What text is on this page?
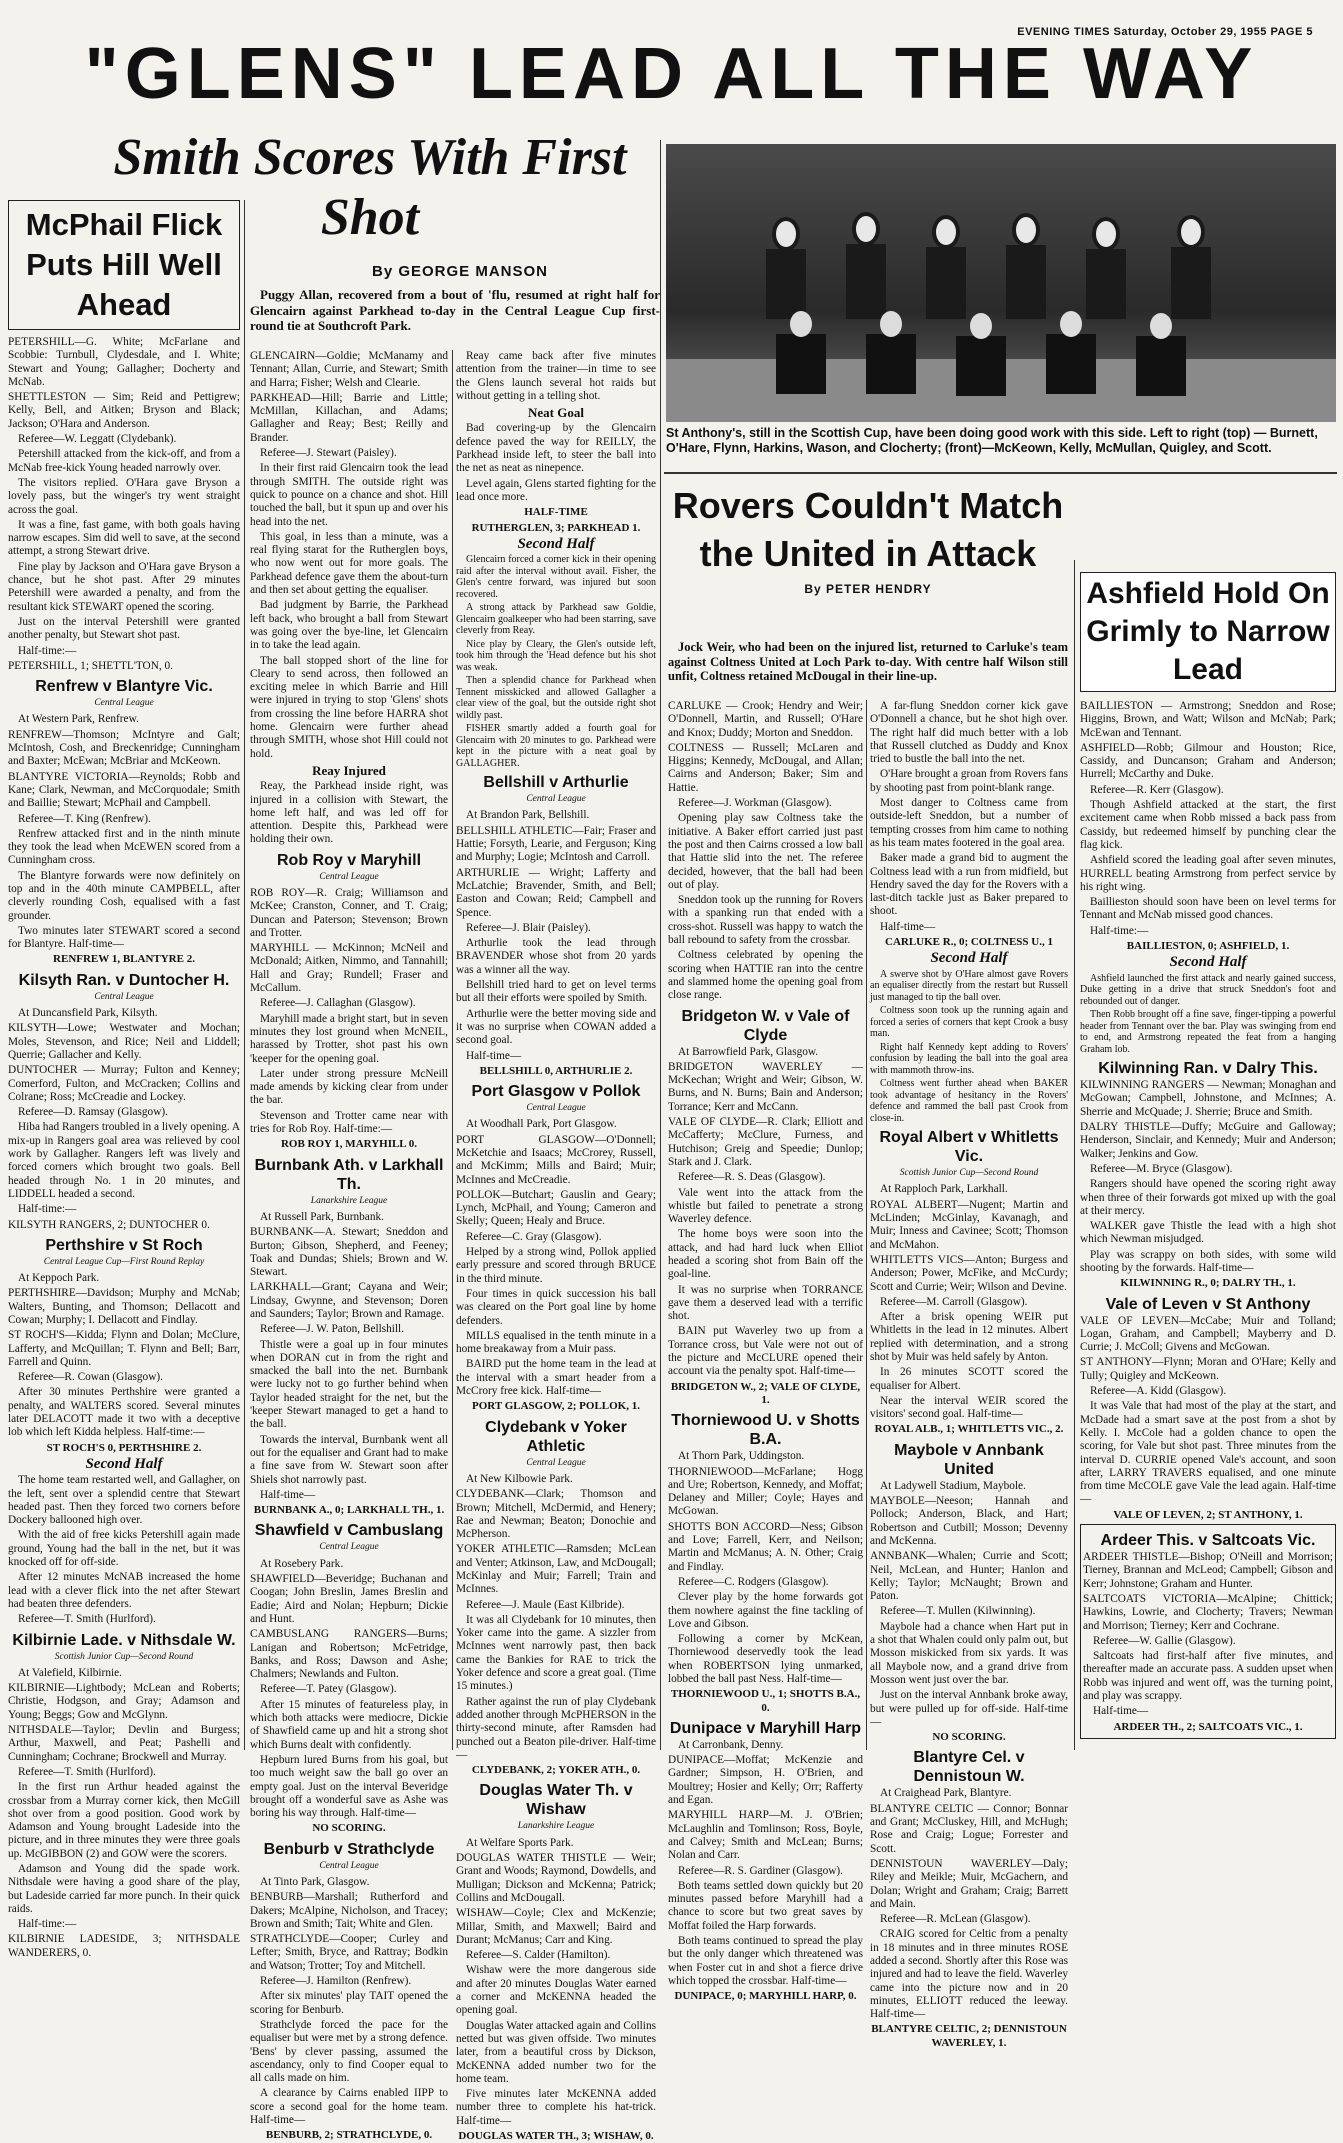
EVENING TIMES Saturday, October 29, 1955 PAGE 5
"GLENS" LEAD ALL THE WAY
McPhail Flick Puts Hill Well Ahead

PETERSHILL—G. White; McFarlane and Scobbie: Turnbull, Clydesdale, and I. White; Stewart and Young; Gallagher; Docherty and McNab.

SHETTLESTON — Sim; Reid and Pettigrew; Kelly, Bell, and Aitken; Bryson and Black; Jackson; O'Hara and Anderson.

Referee—W. Leggatt (Clydebank).

Petershill attacked from the kick-off, and from a McNab free-kick Young headed narrowly over.

The visitors replied. O'Hara gave Bryson a lovely pass, but the winger's try went straight across the goal.

It was a fine, fast game, with both goals having narrow escapes. Sim did well to save, at the second attempt, a strong Stewart drive.

Fine play by Jackson and O'Hara gave Bryson a chance, but he shot past. After 29 minutes Petershill were awarded a penalty, and from the resultant kick STEWART opened the scoring.

Just on the interval Petershill were granted another penalty, but Stewart shot past.

Half-time:—

PETERSHILL, 1; SHETTL'TON, 0.

Renfrew v Blantyre Vic.
Central League

At Western Park, Renfrew.

RENFREW—Thomson; McIntyre and Galt; McIntosh, Cosh, and Breckenridge; Cunningham and Baxter; McEwan; McBriar and McKeown.

BLANTYRE VICTORIA—Reynolds; Robb and Kane; Clark, Newman, and McCorquodale; Smith and Baillie; Stewart; McPhail and Campbell.

Referee—T. King (Renfrew).

Renfrew attacked first and in the ninth minute they took the lead when McEWEN scored from a Cunningham cross.

The Blantyre forwards were now definitely on top and in the 40th minute CAMPBELL, after cleverly rounding Cosh, equalised with a fast grounder.

Two minutes later STEWART scored a second for Blantyre. Half-time—

RENFREW 1, BLANTYRE 2.
Kilsyth Ran. v Duntocher H.
Central League

At Duncansfield Park, Kilsyth.

KILSYTH—Lowe; Westwater and Mochan; Moles, Stevenson, and Rice; Neil and Liddell; Querrie; Gallacher and Kelly.

DUNTOCHER — Murray; Fulton and Kenney; Comerford, Fulton, and McCracken; Collins and Colrane; Ross; McCreadie and Lockey.

Referee—D. Ramsay (Glasgow).

Hiba had Rangers troubled in a lively opening. A mix-up in Rangers goal area was relieved by cool work by Gallagher. Rangers left was lively and forced corners which brought two goals. Bell headed through No. 1 in 20 minutes, and LIDDELL headed a second.

Half-time:—

KILSYTH RANGERS, 2; DUNTOCHER 0.

Perthshire v St Roch
Central League Cup—First Round Replay

At Keppoch Park.

PERTHSHIRE—Davidson; Murphy and McNab; Walters, Bunting, and Thomson; Dellacott and Cowan; Murphy; I. Dellacott and Findlay.

ST ROCH'S—Kidda; Flynn and Dolan; McClure, Lafferty, and McQuillan; T. Flynn and Bell; Barr, Farrell and Quinn.

Referee—R. Cowan (Glasgow).

After 30 minutes Perthshire were granted a penalty, and WALTERS scored. Several minutes later DELACOTT made it two with a deceptive lob which left Kidda helpless. Half-time:—

ST ROCH'S 0, PERTHSHIRE 2.
Second Half

The home team restarted well, and Gallagher, on the left, sent over a splendid centre that Stewart headed past. Then they forced two corners before Dockery ballooned high over.

With the aid of free kicks Petershill again made ground, Young had the ball in the net, but it was knocked off for off-side.

After 12 minutes McNAB increased the home lead with a clever flick into the net after Stewart had beaten three defenders.

Referee—T. Smith (Hurlford).

Kilbirnie Lade. v Nithsdale W.
Scottish Junior Cup—Second Round

At Valefield, Kilbirnie.

KILBIRNIE—Lightbody; McLean and Roberts; Christie, Hodgson, and Gray; Adamson and Young; Beggs; Gow and McGlynn.

NITHSDALE—Taylor; Devlin and Burgess; Arthur, Maxwell, and Peat; Pashelli and Cunningham; Cochrane; Brockwell and Murray.

Referee—T. Smith (Hurlford).

In the first run Arthur headed against the crossbar from a Murray corner kick, then McGill shot over from a good position. Good work by Adamson and Young brought Ladeside into the picture, and in three minutes they were three goals up. McGIBBON (2) and GOW were the scorers.

Adamson and Young did the spade work. Nithsdale were having a good share of the play, but Ladeside carried far more punch. In their quick raids.

Half-time:—

KILBIRNIE LADESIDE, 3; NITHSDALE WANDERERS, 0.

Smith Scores With First Shot
By GEORGE MANSON

Puggy Allan, recovered from a bout of 'flu, resumed at right half for Glencairn against Parkhead to-day in the Central League Cup first-round tie at Southcroft Park.

GLENCAIRN—Goldie; McManamy and Tennant; Allan, Currie, and Stewart; Smith and Harra; Fisher; Welsh and Clearie.

PARKHEAD—Hill; Barrie and Little; McMillan, Killachan, and Adams; Gallagher and Reay; Best; Reilly and Brander.

Referee—J. Stewart (Paisley).

In their first raid Glencairn took the lead through SMITH. The outside right was quick to pounce on a chance and shot. Hill touched the ball, but it spun up and over his head into the net.

This goal, in less than a minute, was a real flying starat for the Rutherglen boys, who now went out for more goals. The Parkhead defence gave them the about-turn and then set about getting the equaliser.

Bad judgment by Barrie, the Parkhead left back, who brought a ball from Stewart was going over the bye-line, let Glencairn in to take the lead again.

The ball stopped short of the line for Cleary to send across, then followed an exciting melee in which Barrie and Hill were injured in trying to stop 'Glens' shots from crossing the line before HARRA shot home. Glencairn were further ahead through SMITH, whose shot Hill could not hold.

Reay Injured

Reay, the Parkhead inside right, was injured in a collision with Stewart, the home left half, and was led off for attention. Despite this, Parkhead were holding their own.

Rob Roy v Maryhill
Central League

ROB ROY—R. Craig; Williamson and McKee; Cranston, Conner, and T. Craig; Duncan and Paterson; Stevenson; Brown and Trotter.

MARYHILL — McKinnon; McNeil and McDonald; Aitken, Nimmo, and Tannahill; Hall and Gray; Rundell; Fraser and McCallum.

Referee—J. Callaghan (Glasgow).

Maryhill made a bright start, but in seven minutes they lost ground when McNEIL, harassed by Trotter, shot past his own 'keeper for the opening goal.

Later under strong pressure McNeill made amends by kicking clear from under the bar.

Stevenson and Trotter came near with tries for Rob Roy. Half-time:—

ROB ROY 1, MARYHILL 0.
Burnbank Ath. v Larkhall Th.
Lanarkshire League

At Russell Park, Burnbank.

BURNBANK—A. Stewart; Sneddon and Burton; Gibson, Shepherd, and Feeney; Toak and Dundas; Shiels; Brown and W. Stewart.

LARKHALL—Grant; Cayana and Weir; Lindsay, Gwynne, and Stevenson; Doren and Saunders; Taylor; Brown and Ramage.

Referee—J. W. Paton, Bellshill.

Thistle were a goal up in four minutes when DORAN cut in from the right and smacked the ball into the net. Burnbank were lucky not to go further behind when Taylor headed straight for the net, but the 'keeper Stewart managed to get a hand to the ball.

Towards the interval, Burnbank went all out for the equaliser and Grant had to make a fine save from W. Stewart soon after Shiels shot narrowly past.

Half-time—

BURNBANK A., 0; LARKHALL TH., 1.
Shawfield v Cambuslang
Central League

At Rosebery Park.

SHAWFIELD—Beveridge; Buchanan and Coogan; John Breslin, James Breslin and Eadie; Aird and Nolan; Hepburn; Dickie and Hunt.

CAMBUSLANG RANGERS—Burns; Lanigan and Robertson; McFetridge, Banks, and Ross; Dawson and Ashe; Chalmers; Newlands and Fulton.

Referee—T. Patey (Glasgow).

After 15 minutes of featureless play, in which both attacks were mediocre, Dickie of Shawfield came up and hit a strong shot which Burns dealt with confidently.

Hepburn lured Burns from his goal, but too much weight saw the ball go over an empty goal. Just on the interval Beveridge brought off a wonderful save as Ashe was boring his way through. Half-time—

NO SCORING.
Benburb v Strathclyde
Central League

At Tinto Park, Glasgow.

BENBURB—Marshall; Rutherford and Dakers; McAlpine, Nicholson, and Tracey; Brown and Smith; Tait; White and Glen.

STRATHCLYDE—Cooper; Curley and Lefter; Smith, Bryce, and Rattray; Bodkin and Watson; Trotter; Toy and Mitchell.

Referee—J. Hamilton (Renfrew).

After six minutes' play TAIT opened the scoring for Benburb.

Strathclyde forced the pace for the equaliser but were met by a strong defence. 'Bens' by clever passing, assumed the ascendancy, only to find Cooper equal to all calls made on him.

A clearance by Cairns enabled IIPP to score a second goal for the home team. Half-time—

BENBURB, 2; STRATHCLYDE, 0.

Reay came back after five minutes attention from the trainer—in time to see the Glens launch several hot raids but without getting in a telling shot.

Neat Goal

Bad covering-up by the Glencairn defence paved the way for REILLY, the Parkhead inside left, to steer the ball into the net as neat as ninepence.

Level again, Glens started fighting for the lead once more.

HALF-TIME
RUTHERGLEN, 3; PARKHEAD 1.
Second Half

Glencairn forced a corner kick in their opening raid after the interval without avail. Fisher, the Glen's centre forward, was injured but soon recovered.

A strong attack by Parkhead saw Goldie, Glencairn goalkeeper who had been starring, save cleverly from Reay.

Nice play by Cleary, the Glen's outside left, took him through the 'Head defence but his shot was weak.

Then a splendid chance for Parkhead when Tennent misskicked and allowed Gallagher a clear view of the goal, but the outside right shot wildly past.

FISHER smartly added a fourth goal for Glencairn with 20 minutes to go. Parkhead were kept in the picture with a neat goal by GALLAGHER.

Bellshill v Arthurlie
Central League

At Brandon Park, Bellshill.

BELLSHILL ATHLETIC—Fair; Fraser and Hattie; Forsyth, Learie, and Ferguson; King and Murphy; Logie; McIntosh and Carroll.

ARTHURLIE — Wright; Lafferty and McLatchie; Bravender, Smith, and Bell; Easton and Cowan; Reid; Campbell and Spence.

Referee—J. Blair (Paisley).

Arthurlie took the lead through BRAVENDER whose shot from 20 yards was a winner all the way.

Bellshill tried hard to get on level terms but all their efforts were spoiled by Smith.

Arthurlie were the better moving side and it was no surprise when COWAN added a second goal.

Half-time—

BELLSHILL 0, ARTHURLIE 2.
Port Glasgow v Pollok
Central League

At Woodhall Park, Port Glasgow.

PORT GLASGOW—O'Donnell; McKetchie and Isaacs; McCrorey, Russell, and McKimm; Mills and Baird; Muir; McInnes and McCreadie.

POLLOK—Butchart; Gauslin and Geary; Lynch, McPhail, and Young; Cameron and Skelly; Queen; Healy and Bruce.

Referee—C. Gray (Glasgow).

Helped by a strong wind, Pollok applied early pressure and scored through BRUCE in the third minute.

Four times in quick succession his ball was cleared on the Port goal line by home defenders.

MILLS equalised in the tenth minute in a home breakaway from a Muir pass.

BAIRD put the home team in the lead at the interval with a smart header from a McCrory free kick. Half-time—

PORT GLASGOW, 2; POLLOK, 1.
Clydebank v Yoker Athletic
Central League

At New Kilbowie Park.

CLYDEBANK—Clark; Thomson and Brown; Mitchell, McDermid, and Henery; Rae and Newman; Beaton; Donochie and McPherson.

YOKER ATHLETIC—Ramsden; McLean and Venter; Atkinson, Law, and McDougall; McKinlay and Muir; Farrell; Train and McInnes.

Referee—J. Maule (East Kilbride).

It was all Clydebank for 10 minutes, then Yoker came into the game. A sizzler from McInnes went narrowly past, then back came the Bankies for RAE to trick the Yoker defence and score a great goal. (Time 15 minutes.)

Rather against the run of play Clydebank added another through McPHERSON in the thirty-second minute, after Ramsden had punched out a Beaton pile-driver. Half-time—

CLYDEBANK, 2; YOKER ATH., 0.
Douglas Water Th. v Wishaw
Lanarkshire League

At Welfare Sports Park.

DOUGLAS WATER THISTLE — Weir; Grant and Woods; Raymond, Dowdells, and Mulligan; Dickson and McKenna; Patrick; Collins and McDougall.

WISHAW—Coyle; Clex and McKenzie; Millar, Smith, and Maxwell; Baird and Durant; McManus; Carr and King.

Referee—S. Calder (Hamilton).

Wishaw were the more dangerous side and after 20 minutes Douglas Water earned a corner and McKENNA headed the opening goal.

Douglas Water attacked again and Collins netted but was given offside. Two minutes later, from a beautiful cross by Dickson, McKENNA added number two for the home team.

Five minutes later McKENNA added number three to complete his hat-trick. Half-time—

DOUGLAS WATER TH., 3; WISHAW, 0.
St Anthony's, still in the Scottish Cup, have been doing good work with this side. Left to right (top) — Burnett, O'Hare, Flynn, Harkins, Wason, and Clocherty; (front)—McKeown, Kelly, McMullan, Quigley, and Scott.
Rovers Couldn't Match the United in Attack
By PETER HENDRY

Jock Weir, who had been on the injured list, returned to Carluke's team against Coltness United at Loch Park to-day. With centre half Wilson still unfit, Coltness retained McDougal in their line-up.

CARLUKE — Crook; Hendry and Weir; O'Donnell, Martin, and Russell; O'Hare and Knox; Duddy; Morton and Sneddon.

COLTNESS — Russell; McLaren and Higgins; Kennedy, McDougal, and Allan; Cairns and Anderson; Baker; Sim and Hattie.

Referee—J. Workman (Glasgow).

Opening play saw Coltness take the initiative. A Baker effort carried just past the post and then Cairns crossed a low ball that Hattie slid into the net. The referee decided, however, that the ball had been out of play.

Sneddon took up the running for Rovers with a spanking run that ended with a cross-shot. Russell was happy to watch the ball rebound to safety from the crossbar.

Coltness celebrated by opening the scoring when HATTIE ran into the centre and slammed home the opening goal from close range.

Bridgeton W. v Vale of Clyde

At Barrowfield Park, Glasgow.

BRIDGETON WAVERLEY — McKechan; Wright and Weir; Gibson, W. Burns, and N. Burns; Bain and Anderson; Torrance; Kerr and McCann.

VALE OF CLYDE—R. Clark; Elliott and McCafferty; McClure, Furness, and Hutchison; Greig and Speedie; Dunlop; Stark and J. Clark.

Referee—R. S. Deas (Glasgow).

Vale went into the attack from the whistle but failed to penetrate a strong Waverley defence.

The home boys were soon into the attack, and had hard luck when Elliot headed a scoring shot from Bain off the goal-line.

It was no surprise when TORRANCE gave them a deserved lead with a terrific shot.

BAIN put Waverley two up from a Torrance cross, but Vale were not out of the picture and McCLURE opened their account via the penalty spot. Half-time—

BRIDGETON W., 2; VALE OF CLYDE, 1.
Thorniewood U. v Shotts B.A.

At Thorn Park, Uddingston.

THORNIEWOOD—McFarlane; Hogg and Ure; Robertson, Kennedy, and Moffat; Delaney and Miller; Coyle; Hayes and McGowan.

SHOTTS BON ACCORD—Ness; Gibson and Love; Farrell, Kerr, and Neilson; Martin and McManus; A. N. Other; Craig and Findlay.

Referee—C. Rodgers (Glasgow).

Clever play by the home forwards got them nowhere against the fine tackling of Love and Gibson.

Following a corner by McKean, Thorniewood deservedly took the lead when ROBERTSON lying unmarked, lobbed the ball past Ness. Half-time—

THORNIEWOOD U., 1; SHOTTS B.A., 0.
Dunipace v Maryhill Harp

At Carronbank, Denny.

DUNIPACE—Moffat; McKenzie and Gardner; Simpson, H. O'Brien, and Moultrey; Hosier and Kelly; Orr; Rafferty and Egan.

MARYHILL HARP—M. J. O'Brien; McLaughlin and Tomlinson; Ross, Boyle, and Calvey; Smith and McLean; Burns; Nolan and Carr.

Referee—R. S. Gardiner (Glasgow).

Both teams settled down quickly but 20 minutes passed before Maryhill had a chance to score but two great saves by Moffat foiled the Harp forwards.

Both teams continued to spread the play but the only danger which threatened was when Foster cut in and shot a fierce drive which topped the crossbar. Half-time—

DUNIPACE, 0; MARYHILL HARP, 0.

A far-flung Sneddon corner kick gave O'Donnell a chance, but he shot high over. The right half did much better with a lob that Russell clutched as Duddy and Knox tried to bustle the ball into the net.

O'Hare brought a groan from Rovers fans by shooting past from point-blank range.

Most danger to Coltness came from outside-left Sneddon, but a number of tempting crosses from him came to nothing as his team mates footered in the goal area.

Baker made a grand bid to augment the Coltness lead with a run from midfield, but Hendry saved the day for the Rovers with a last-ditch tackle just as Baker prepared to shoot.

Half-time—

CARLUKE R., 0; COLTNESS U., 1
Second Half

A swerve shot by O'Hare almost gave Rovers an equaliser directly from the restart but Russell just managed to tip the ball over.

Coltness soon took up the running again and forced a series of corners that kept Crook a busy man.

Right half Kennedy kept adding to Rovers' confusion by leading the ball into the goal area with mammoth throw-ins.

Coltness went further ahead when BAKER took advantage of hesitancy in the Rovers' defence and rammed the ball past Crook from close-in.

Royal Albert v Whitletts Vic.
Scottish Junior Cup—Second Round

At Rapploch Park, Larkhall.

ROYAL ALBERT—Nugent; Martin and McLinden; McGinlay, Kavanagh, and Muir; Inness and Cavinee; Scott; Thomson and McMahon.

WHITLETTS VICS—Anton; Burgess and Anderson; Power, McFike, and McCurdy; Scott and Currie; Weir; Wilson and Devine.

Referee—M. Carroll (Glasgow).

After a brisk opening WEIR put Whitletts in the lead in 12 minutes. Albert replied with determination, and a strong shot by Muir was held safely by Anton.

In 26 minutes SCOTT scored the equaliser for Albert.

Near the interval WEIR scored the visitors' second goal. Half-time—

ROYAL ALB., 1; WHITLETTS VIC., 2.
Maybole v Annbank United

At Ladywell Stadium, Maybole.

MAYBOLE—Neeson; Hannah and Pollock; Anderson, Black, and Hart; Robertson and Cutbill; Mosson; Devenny and McKenna.

ANNBANK—Whalen; Currie and Scott; Neil, McLean, and Hunter; Hanlon and Kelly; Taylor; McNaught; Brown and Paton.

Referee—T. Mullen (Kilwinning).

Maybole had a chance when Hart put in a shot that Whalen could only palm out, but Mosson miskicked from six yards. It was all Maybole now, and a grand drive from Mosson went just over the bar.

Just on the interval Annbank broke away, but were pulled up for off-side. Half-time—

NO SCORING.
Blantyre Cel. v Dennistoun W.

At Craighead Park, Blantyre.

BLANTYRE CELTIC — Connor; Bonnar and Grant; McCluskey, Hill, and McHugh; Rose and Craig; Logue; Forrester and Scott.

DENNISTOUN WAVERLEY—Daly; Riley and Meikle; Muir, McGachern, and Dolan; Wright and Graham; Craig; Barrett and Main.

Referee—R. McLean (Glasgow).

CRAIG scored for Celtic from a penalty in 18 minutes and in three minutes ROSE added a second. Shortly after this Rose was injured and had to leave the field. Waverley came into the picture now and in 20 minutes, ELLIOTT reduced the leeway. Half-time—

BLANTYRE CELTIC, 2; DENNISTOUN WAVERLEY, 1.
Ashfield Hold On Grimly to Narrow Lead

BAILLIESTON — Armstrong; Sneddon and Rose; Higgins, Brown, and Watt; Wilson and McNab; Park; McEwan and Tennant.

ASHFIELD—Robb; Gilmour and Houston; Rice, Cassidy, and Duncanson; Graham and Anderson; Hurrell; McCarthy and Duke.

Referee—R. Kerr (Glasgow).

Though Ashfield attacked at the start, the first excitement came when Robb missed a back pass from Cassidy, but redeemed himself by punching clear the flag kick.

Ashfield scored the leading goal after seven minutes, HURRELL beating Armstrong from perfect service by his right wing.

Baillieston should soon have been on level terms for Tennant and McNab missed good chances.

Half-time:—

BAILLIESTON, 0; ASHFIELD, 1.
Second Half

Ashfield launched the first attack and nearly gained success, Duke getting in a drive that struck Sneddon's foot and rebounded out of danger.

Then Robb brought off a fine save, finger-tipping a powerful header from Tennant over the bar. Play was swinging from end to end, and Armstrong repeated the feat from a hanging Graham lob.

Kilwinning Ran. v Dalry This.

KILWINNING RANGERS — Newman; Monaghan and McGowan; Campbell, Johnstone, and McInnes; A. Sherrie and McQuade; J. Sherrie; Bruce and Smith.

DALRY THISTLE—Duffy; McGuire and Galloway; Henderson, Sinclair, and Kennedy; Muir and Anderson; Walker; Jenkins and Gow.

Referee—M. Bryce (Glasgow).

Rangers should have opened the scoring right away when three of their forwards got mixed up with the goal at their mercy.

WALKER gave Thistle the lead with a high shot which Newman misjudged.

Play was scrappy on both sides, with some wild shooting by the forwards. Half-time—

KILWINNING R., 0; DALRY TH., 1.
Vale of Leven v St Anthony

VALE OF LEVEN—McCabe; Muir and Tolland; Logan, Graham, and Campbell; Mayberry and D. Currie; J. McColl; Givens and McGowan.

ST ANTHONY—Flynn; Moran and O'Hare; Kelly and Tully; Quigley and McKeown.

Referee—A. Kidd (Glasgow).

It was Vale that had most of the play at the start, and McDade had a smart save at the post from a shot by Kelly. I. McCole had a golden chance to open the scoring, for Vale but shot past. Three minutes from the interval D. CURRIE opened Vale's account, and soon after, LARRY TRAVERS equalised, and one minute from time McCOLE gave Vale the lead again. Half-time—

VALE OF LEVEN, 2; ST ANTHONY, 1.
Ardeer This. v Saltcoats Vic.

ARDEER THISTLE—Bishop; O'Neill and Morrison; Tierney, Brannan and McLeod; Campbell; Gibson and Kerr; Johnstone; Graham and Hunter.

SALTCOATS VICTORIA—McAlpine; Chittick; Hawkins, Lowrie, and Clocherty; Travers; Newman and Morrison; Tierney; Kerr and Cochrane.

Referee—W. Gallie (Glasgow).

Saltcoats had first-half after five minutes, and thereafter made an accurate pass. A sudden upset when Robb was injured and went off, was the turning point, and play was scrappy.

Half-time—

ARDEER TH., 2; SALTCOATS VIC., 1.
